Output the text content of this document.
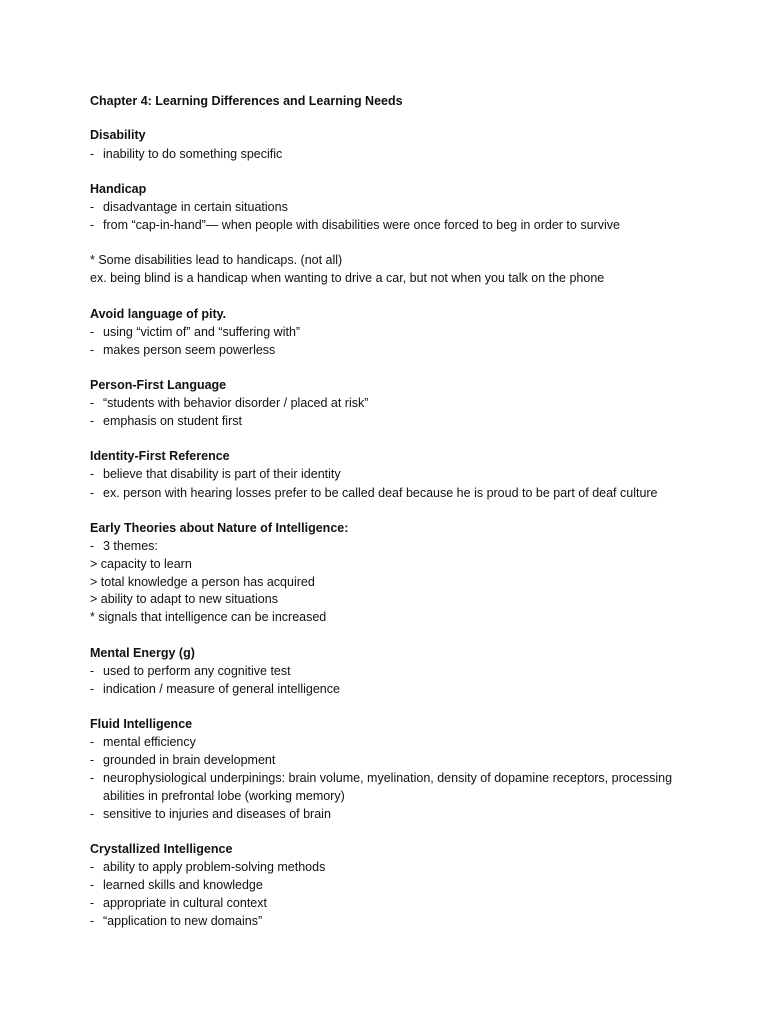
Chapter 4: Learning Differences and Learning Needs
Disability
- inability to do something specific
Handicap
- disadvantage in certain situations
- from “cap-in-hand”— when people with disabilities were once forced to beg in order to survive
* Some disabilities lead to handicaps. (not all)
ex. being blind is a handicap when wanting to drive a car, but not when you talk on the phone
Avoid language of pity.
- using “victim of” and “suffering with”
- makes person seem powerless
Person-First Language
- “students with behavior disorder / placed at risk”
- emphasis on student first
Identity-First Reference
- believe that disability is part of their identity
- ex. person with hearing losses prefer to be called deaf because he is proud to be part of deaf culture
Early Theories about Nature of Intelligence:
- 3 themes:
> capacity to learn
> total knowledge a person has acquired
> ability to adapt to new situations
* signals that intelligence can be increased
Mental Energy (g)
- used to perform any cognitive test
- indication / measure of general intelligence
Fluid Intelligence
- mental efficiency
- grounded in brain development
- neurophysiological underpinings: brain volume, myelination, density of dopamine receptors, processing
abilities in prefrontal lobe (working memory)
- sensitive to injuries and diseases of brain
Crystallized Intelligence
- ability to apply problem-solving methods
- learned skills and knowledge
- appropriate in cultural context
- “application to new domains”
